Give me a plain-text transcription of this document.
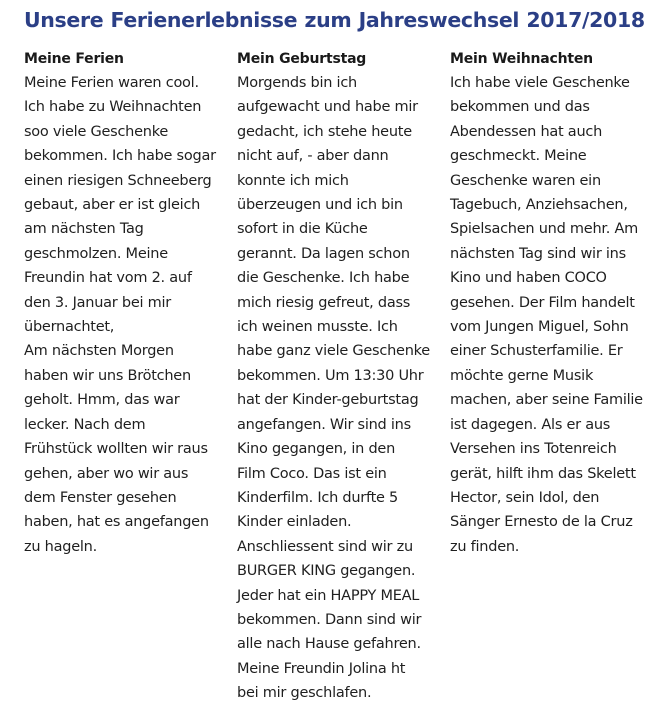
Unsere Ferienerlebnisse zum Jahreswechsel 2017/2018
Meine Ferien
Meine Ferien waren cool.
Ich habe zu Weihnachten
soo viele Geschenke
bekommen. Ich habe sogar
einen riesigen Schneeberg
gebaut, aber er ist gleich
am nächsten Tag
geschmolzen. Meine
Freundin hat vom 2. auf
den 3. Januar bei mir
übernachtet,
Am nächsten Morgen
haben wir uns Brötchen
geholt. Hmm, das war
lecker. Nach dem
Frühstück wollten wir raus
gehen, aber wo wir aus
dem Fenster gesehen
haben, hat es angefangen
zu hageln.
Mein Geburtstag
Morgends bin ich
aufgewacht und habe mir
gedacht, ich stehe heute
nicht auf, - aber dann
konnte ich mich
überzeugen und ich bin
sofort in die Küche
gerannt. Da lagen schon
die Geschenke. Ich habe
mich riesig gefreut, dass
ich weinen musste. Ich
habe ganz viele Geschenke
bekommen. Um 13:30 Uhr
hat der Kinder-geburtstag
angefangen. Wir sind ins
Kino gegangen, in den
Film Coco. Das ist ein
Kinderfilm. Ich durfte 5
Kinder einladen.
Anschliessent sind wir zu
BURGER KING gegangen.
Jeder hat ein HAPPY MEAL
bekommen. Dann sind wir
alle nach Hause gefahren.
Meine Freundin Jolina ht
bei mir geschlafen.
Mein Weihnachten
Ich habe viele Geschenke
bekommen und das
Abendessen hat auch
geschmeckt. Meine
Geschenke waren ein
Tagebuch, Anziehsachen,
Spielsachen und mehr. Am
nächsten Tag sind wir ins
Kino und haben COCO
gesehen. Der Film handelt
vom Jungen Miguel, Sohn
einer Schusterfamilie. Er
möchte gerne Musik
machen, aber seine Familie
ist dagegen. Als er aus
Versehen ins Totenreich
gerät, hilft ihm das Skelett
Hector, sein Idol, den
Sänger Ernesto de la Cruz
zu finden.
